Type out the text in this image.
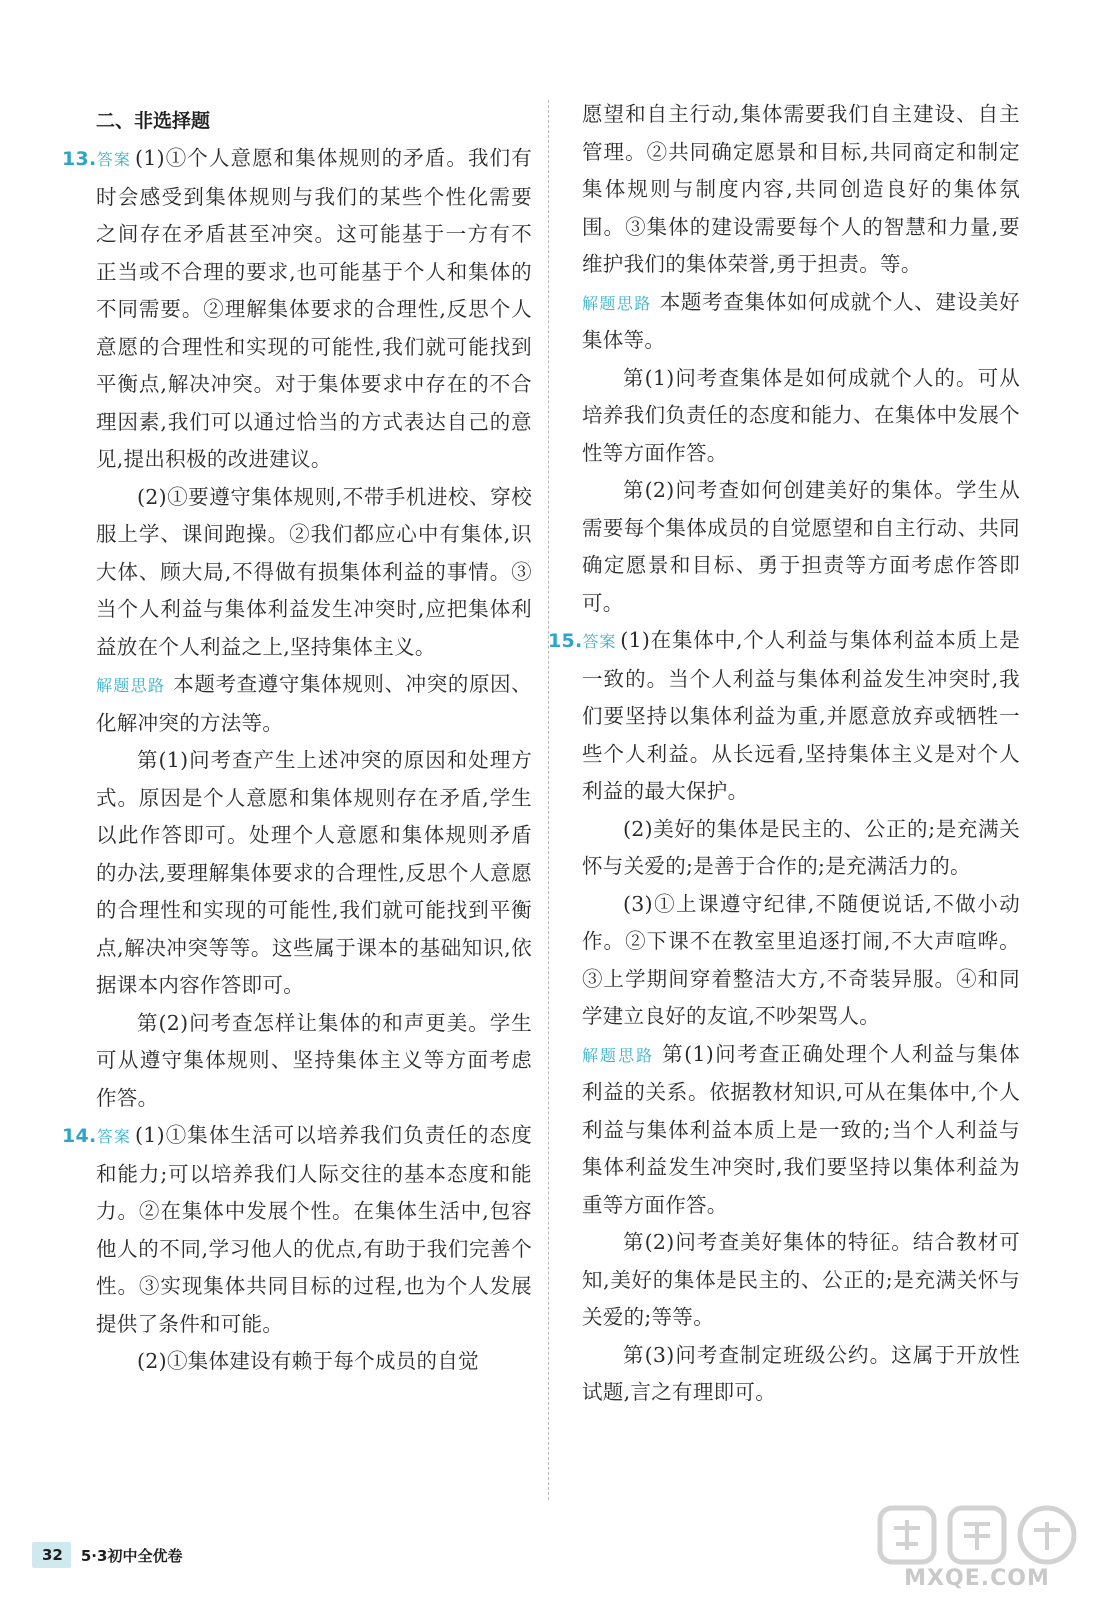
二、非选择题

13.答案 (1)①个人意愿和集体规则的矛盾。我们有时会感受到集体规则与我们的某些个性化需要之间存在矛盾甚至冲突。这可能基于一方有不正当或不合理的要求,也可能基于个人和集体的不同需要。②理解集体要求的合理性,反思个人意愿的合理性和实现的可能性,我们就可能找到平衡点,解决冲突。对于集体要求中存在的不合理因素,我们可以通过恰当的方式表达自己的意见,提出积极的改进建议。

(2)①要遵守集体规则,不带手机进校、穿校服上学、课间跑操。②我们都应心中有集体,识大体、顾大局,不得做有损集体利益的事情。③当个人利益与集体利益发生冲突时,应把集体利益放在个人利益之上,坚持集体主义。

解题思路 本题考查遵守集体规则、冲突的原因、化解冲突的方法等。

第(1)问考查产生上述冲突的原因和处理方式。原因是个人意愿和集体规则存在矛盾,学生以此作答即可。处理个人意愿和集体规则矛盾的办法,要理解集体要求的合理性,反思个人意愿的合理性和实现的可能性,我们就可能找到平衡点,解决冲突等等。这些属于课本的基础知识,依据课本内容作答即可。

第(2)问考查怎样让集体的和声更美。学生可从遵守集体规则、坚持集体主义等方面考虑作答。

14.答案 (1)①集体生活可以培养我们负责任的态度和能力;可以培养我们人际交往的基本态度和能力。②在集体中发展个性。在集体生活中,包容他人的不同,学习他人的优点,有助于我们完善个性。③实现集体共同目标的过程,也为个人发展提供了条件和可能。

(2)①集体建设有赖于每个成员的自觉

愿望和自主行动,集体需要我们自主建设、自主管理。②共同确定愿景和目标,共同商定和制定集体规则与制度内容,共同创造良好的集体氛围。③集体的建设需要每个人的智慧和力量,要维护我们的集体荣誉,勇于担责。等。

解题思路 本题考查集体如何成就个人、建设美好集体等。

第(1)问考查集体是如何成就个人的。可从培养我们负责任的态度和能力、在集体中发展个性等方面作答。

第(2)问考查如何创建美好的集体。学生从需要每个集体成员的自觉愿望和自主行动、共同确定愿景和目标、勇于担责等方面考虑作答即可。

15.答案 (1)在集体中,个人利益与集体利益本质上是一致的。当个人利益与集体利益发生冲突时,我们要坚持以集体利益为重,并愿意放弃或牺牲一些个人利益。从长远看,坚持集体主义是对个人利益的最大保护。

(2)美好的集体是民主的、公正的;是充满关怀与关爱的;是善于合作的;是充满活力的。

(3)①上课遵守纪律,不随便说话,不做小动作。②下课不在教室里追逐打闹,不大声喧哗。③上学期间穿着整洁大方,不奇装异服。④和同学建立良好的友谊,不吵架骂人。

解题思路 第(1)问考查正确处理个人利益与集体利益的关系。依据教材知识,可从在集体中,个人利益与集体利益本质上是一致的;当个人利益与集体利益发生冲突时,我们要坚持以集体利益为重等方面作答。

第(2)问考查美好集体的特征。结合教材可知,美好的集体是民主的、公正的;是充满关怀与关爱的;等等。

第(3)问考查制定班级公约。这属于开放性试题,言之有理即可。

32	5·3初中全优卷
MXQE.COM
